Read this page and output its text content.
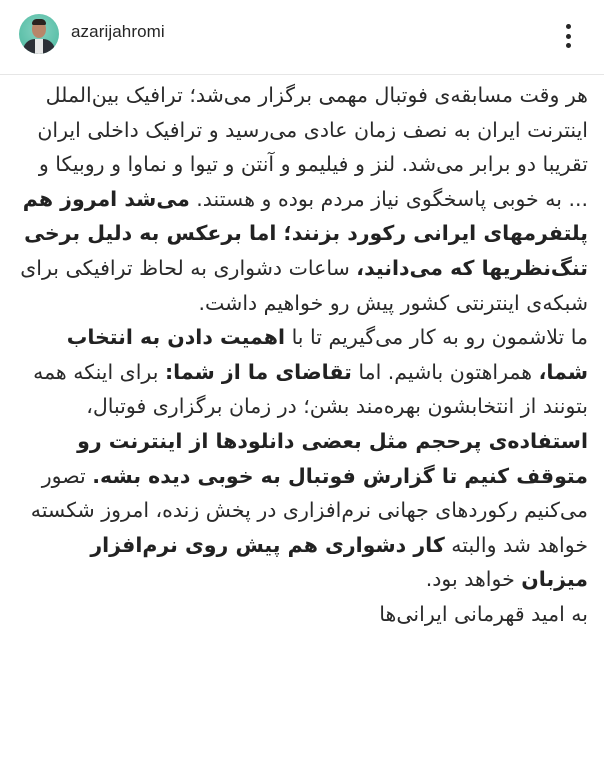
azarijahromi

هر وقت مسابقه‌ی فوتبال مهمی برگزار می‌شد؛ ترافیک بین‌الملل اینترنت ایران به نصف زمان عادی می‌رسید و ترافیک داخلی ایران تقریبا دو برابر می‌شد. لنز و فیلیمو و آنتن و تیوا و نماوا و روبیکا و ... به خوبی پاسخگوی نیاز مردم بوده و هستند. می‌شد امروز هم پلتفرمهای ایرانی رکورد بزنند؛ اما برعکس به دلیل برخی تنگ‌نظریها که می‌دانید، ساعات دشواری به لحاظ ترافیکی برای شبکه‌ی اینترنتی کشور پیش رو خواهیم داشت.

ما تلاشمون رو به کار می‌گیریم تا با اهمیت دادن به انتخاب شما، همراهتون باشیم. اما تقاضای ما از شما: برای اینکه همه بتونند از انتخابشون بهره‌مند بشن؛ در زمان برگزاری فوتبال، استفاده‌ی پرحجم مثل بعضی دانلودها از اینترنت رو متوقف کنیم تا گزارش فوتبال به خوبی دیده بشه. تصور می‌کنیم رکوردهای جهانی نرم‌افزاری در پخش زنده، امروز شکسته خواهد شد والبته کار دشواری هم پیش روی نرم‌افزار میزبان خواهد بود.

به امید قهرمانی ایرانی‌ها
